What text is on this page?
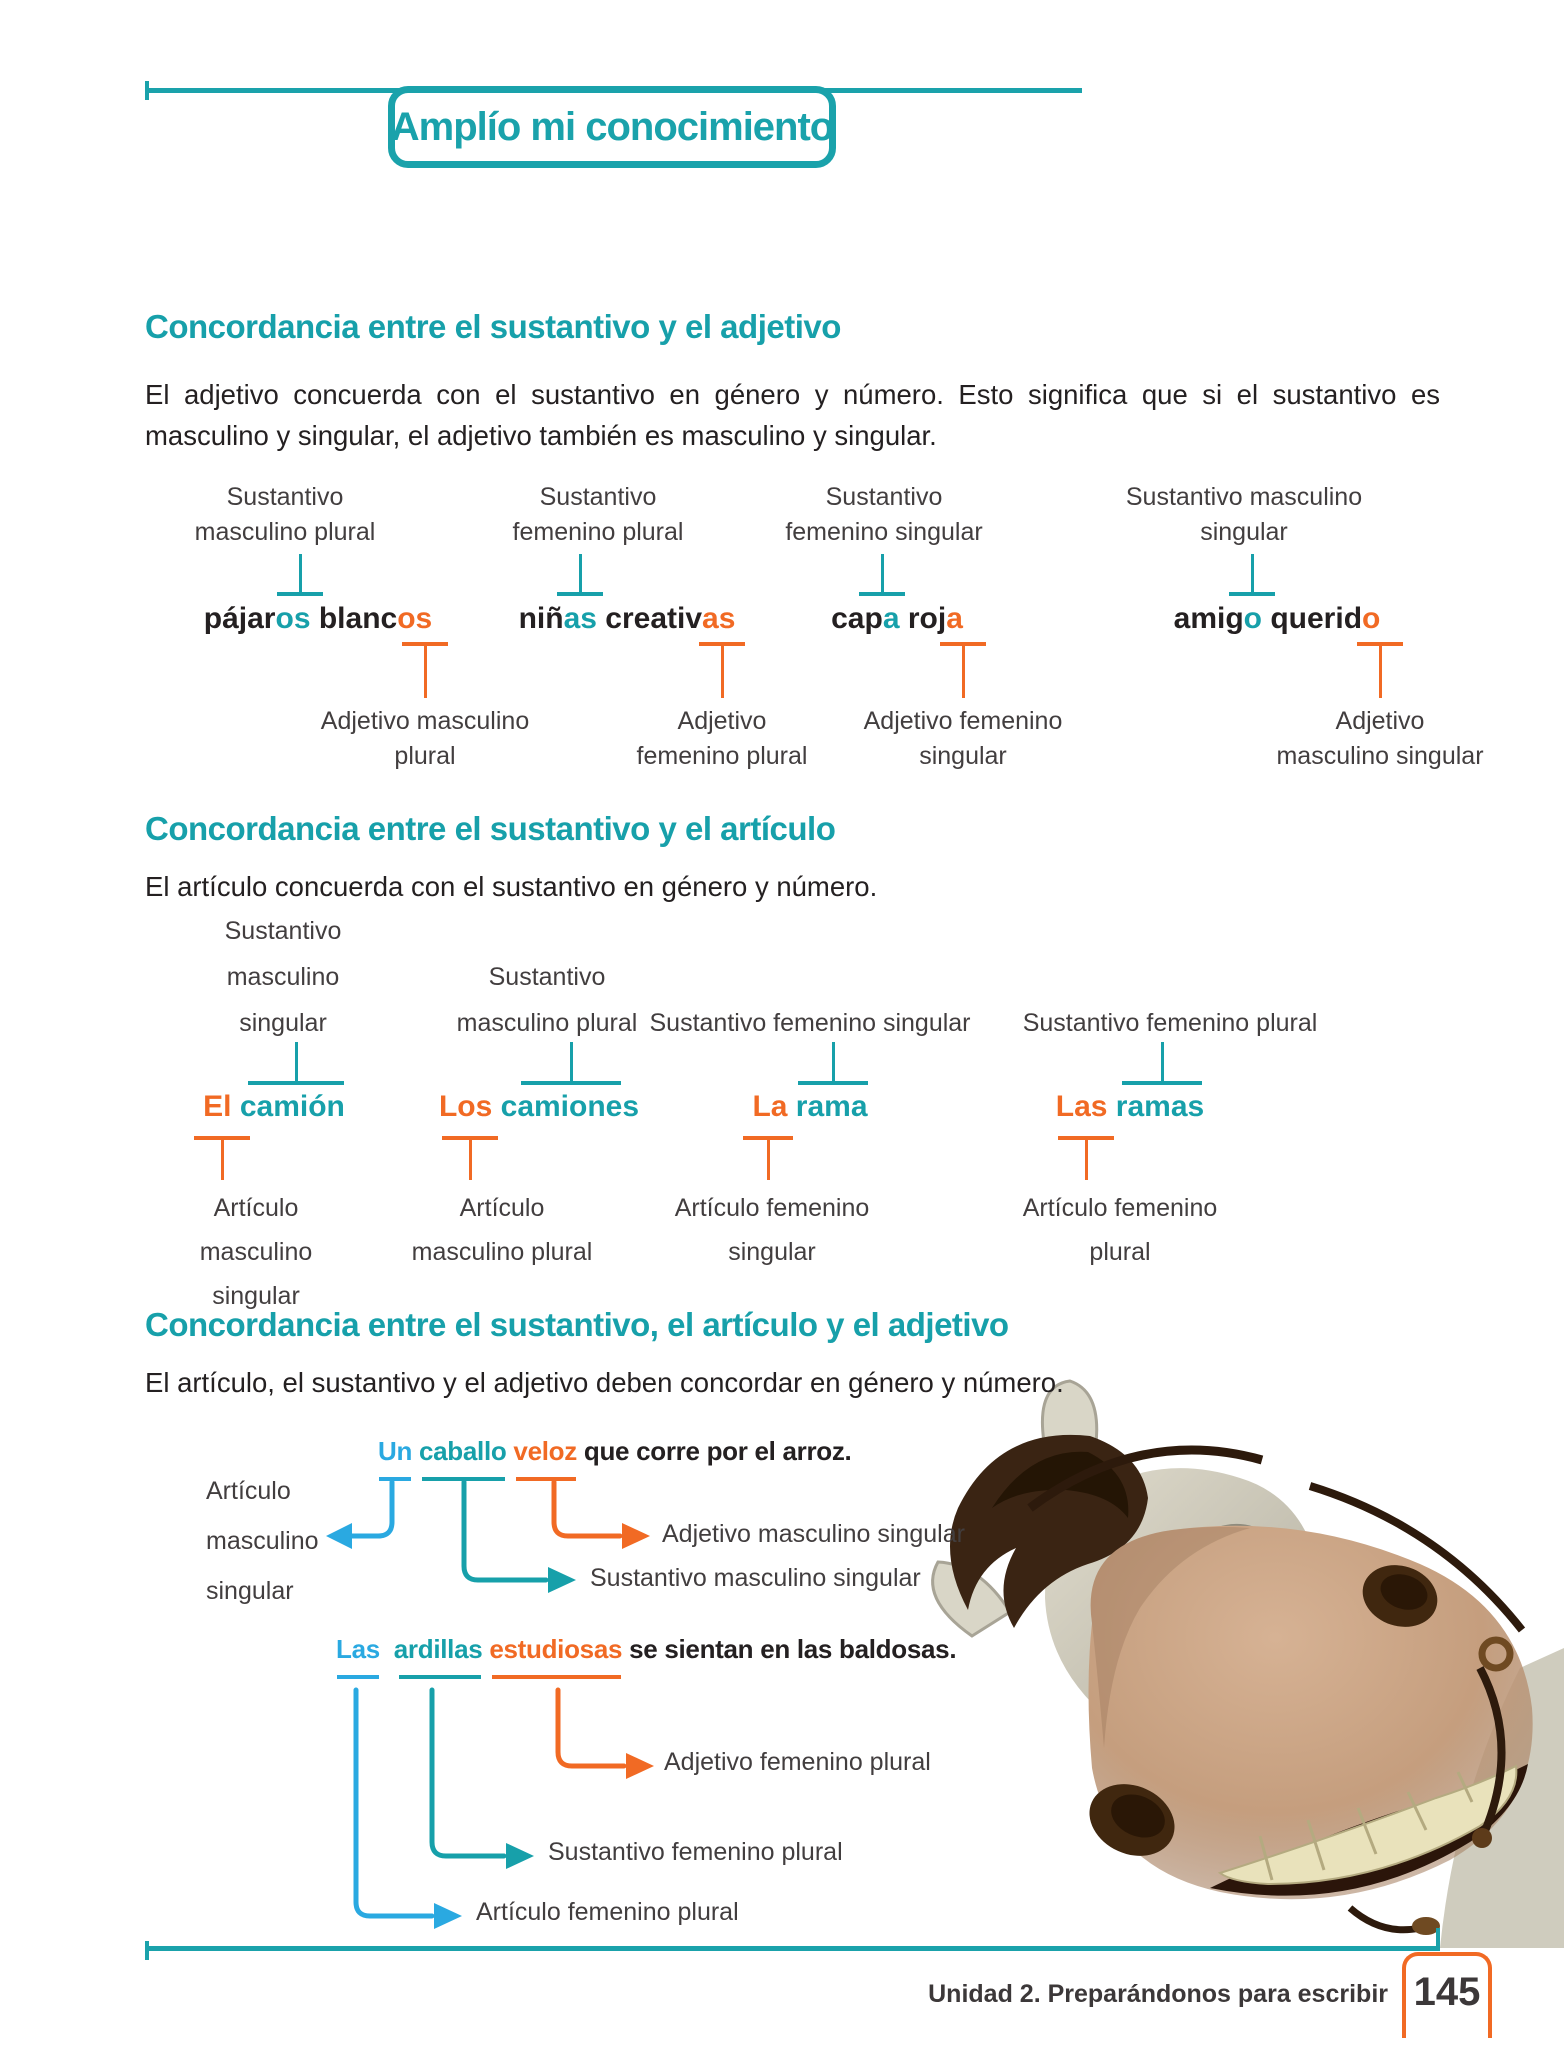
Amplío mi conocimiento
Concordancia entre el sustantivo y el adjetivo
El adjetivo concuerda con el sustantivo en género y número. Esto significa que si el sustantivo es masculino y singular, el adjetivo también es masculino y singular.
Sustantivo
masculino plural
Sustantivo
femenino plural
Sustantivo
femenino singular
Sustantivo masculino
singular
pájaros blancos	niñas creativas	capa roja	amigo querido
Adjetivo masculino
plural
Adjetivo
femenino plural
Adjetivo femenino
singular
Adjetivo
masculino singular
Concordancia entre el sustantivo y el artículo
El artículo concuerda con el sustantivo en género y número.
Sustantivo
masculino
singular
Sustantivo
masculino plural Sustantivo femenino singular Sustantivo femenino plural
El camión	Los camiones	La rama	Las ramas
Artículo
masculino
singular
Artículo
masculino plural
Artículo femenino
singular
Artículo femenino
plural
Concordancia entre el sustantivo, el artículo y el adjetivo
El artículo, el sustantivo y el adjetivo deben concordar en género y número.
Un caballo veloz que corre por el arroz.
Artículo
masculino
singular
Adjetivo masculino singular
Sustantivo masculino singular
Las  ardillas estudiosas se sientan en las baldosas.
Adjetivo femenino plural
Sustantivo femenino plural
Artículo femenino plural
Unidad 2. Preparándonos para escribir 145
